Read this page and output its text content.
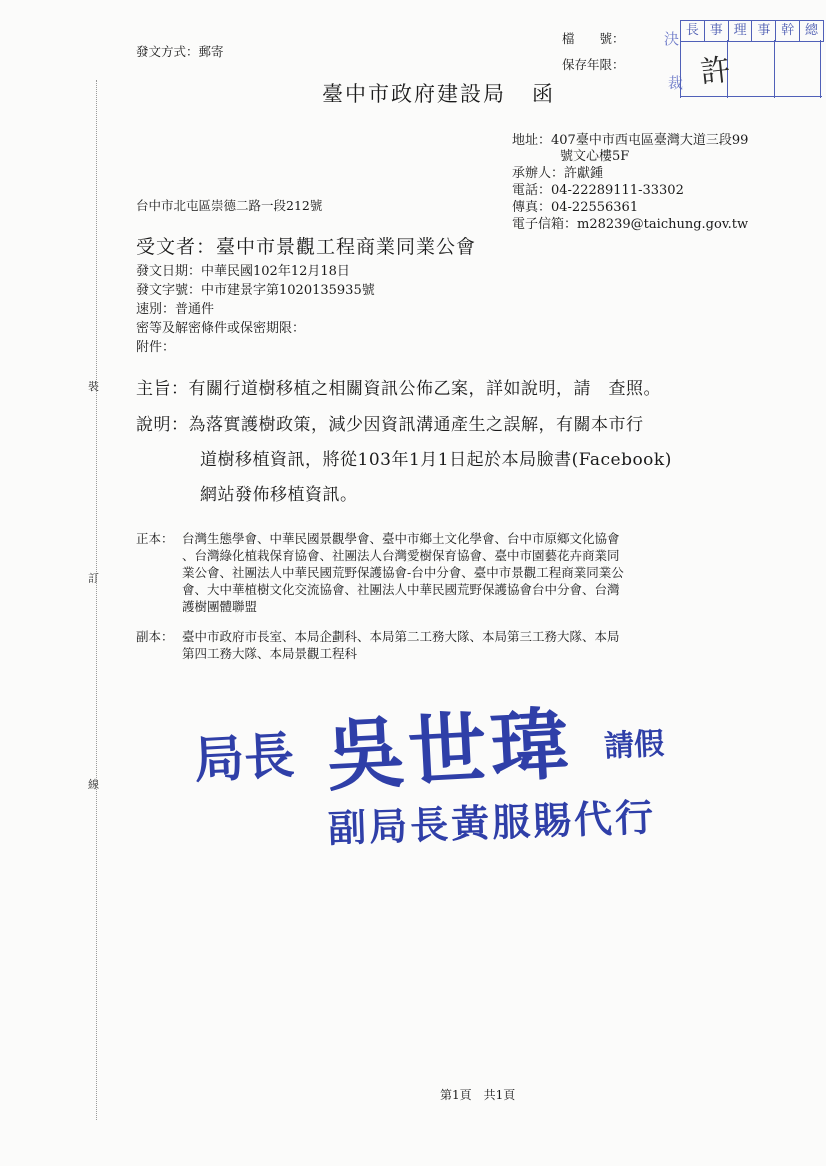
裝
訂
線
發文方式：郵寄
檔　　號：
保存年限：
臺中市政府建設局 函
決
裁
長 事 理 事 幹 總
許
地址：407臺中市西屯區臺灣大道三段99
號文心樓5F
承辦人：許獻鍾
電話：04-22289111-33302
傳真：04-22556361
電子信箱：m28239@taichung.gov.tw
台中市北屯區崇德二路一段212號
受文者：臺中市景觀工程商業同業公會
發文日期：中華民國102年12月18日
發文字號：中市建景字第1020135935號
速別：普通件
密等及解密條件或保密期限：
附件：
主旨：有關行道樹移植之相關資訊公佈乙案，詳如說明，請　查照。
說明：為落實護樹政策，減少因資訊溝通產生之誤解，有關本市行
道樹移植資訊，將從103年1月1日起於本局臉書(Facebook)
網站發佈移植資訊。
正本： 台灣生態學會、中華民國景觀學會、臺中市鄉土文化學會、台中市原鄉文化協會
、台灣綠化植栽保育協會、社團法人台灣愛樹保育協會、臺中市園藝花卉商業同
業公會、社團法人中華民國荒野保護協會-台中分會、臺中市景觀工程商業同業公
會、大中華植樹文化交流協會、社團法人中華民國荒野保護協會台中分會、台灣
護樹團體聯盟
副本： 臺中市政府市長室、本局企劃科、本局第二工務大隊、本局第三工務大隊、本局
第四工務大隊、本局景觀工程科
局長 吳世瑋 請假
副局長黃服賜代行
第1頁　共1頁
